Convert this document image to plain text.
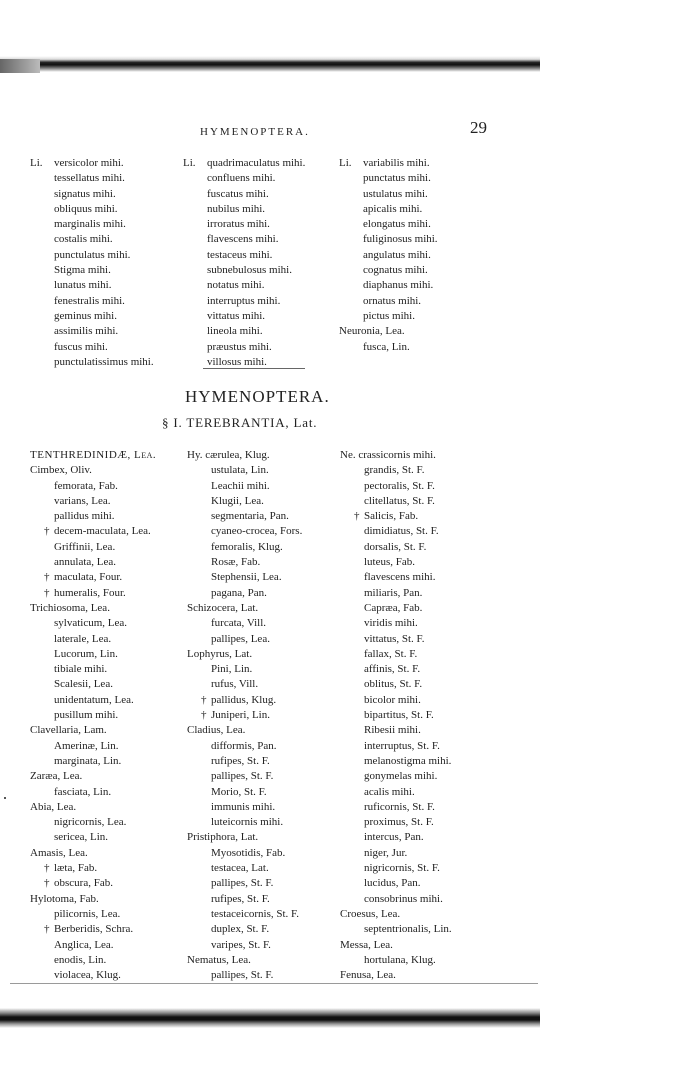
HYMENOPTERA.	29
Li. versicolor mihi.
tessellatus mihi.
signatus mihi.
obliquus mihi.
marginalis mihi.
costalis mihi.
punctulatus mihi.
Stigma mihi.
lunatus mihi.
fenestralis mihi.
geminus mihi.
assimilis mihi.
fuscus mihi.
punctulatissimus mihi.
Li. quadrimaculatus mihi.
confluens mihi.
fuscatus mihi.
nubilus mihi.
irroratus mihi.
flavescens mihi.
testaceus mihi.
subnebulosus mihi.
notatus mihi.
interruptus mihi.
vittatus mihi.
lineola mihi.
præustus mihi.
villosus mihi.
Li. variabilis mihi.
punctatus mihi.
ustulatus mihi.
apicalis mihi.
elongatus mihi.
fuliginosus mihi.
angulatus mihi.
cognatus mihi.
diaphanus mihi.
ornatus mihi.
pictus mihi.
Neuronia, Lea.
fusca, Lin.
HYMENOPTERA.
§ I. TEREBRANTIA, Lat.
TENTHREDINIDÆ, Lea.
Cimbex, Oliv.
femorata, Fab.
varians, Lea.
pallidus mihi.
† decem-maculata, Lea.
Griffinii, Lea.
annulata, Lea.
† maculata, Four.
† humeralis, Four.
Trichiosoma, Lea.
sylvaticum, Lea.
laterale, Lea.
Lucorum, Lin.
tibiale mihi.
Scalesii, Lea.
unidentatum, Lea.
pusillum mihi.
Clavellaria, Lam.
Amerinæ, Lin.
marginata, Lin.
Zaræa, Lea.
fasciata, Lin.
Abia, Lea.
nigricornis, Lea.
sericea, Lin.
Amasis, Lea.
† læta, Fab.
† obscura, Fab.
Hylotoma, Fab.
pilicornis, Lea.
† Berberidis, Schra.
Anglica, Lea.
enodis, Lin.
violacea, Klug.
Hy. cærulea, Klug.
ustulata, Lin.
Leachii mihi.
Klugii, Lea.
segmentaria, Pan.
cyaneo-crocea, Fors.
femoralis, Klug.
Rosæ, Fab.
Stephensii, Lea.
pagana, Pan.
Schizocera, Lat.
furcata, Vill.
pallipes, Lea.
Lophyrus, Lat.
Pini, Lin.
rufus, Vill.
† pallidus, Klug.
† Juniperi, Lin.
Cladius, Lea.
difformis, Pan.
rufipes, St. F.
pallipes, St. F.
Morio, St. F.
immunis mihi.
luteicornis mihi.
Pristiphora, Lat.
Myosotidis, Fab.
testacea, Lat.
pallipes, St. F.
rufipes, St. F.
testaceicornis, St. F.
duplex, St. F.
varipes, St. F.
Nematus, Lea.
pallipes, St. F.
Ne. crassicornis mihi.
grandis, St. F.
pectoralis, St. F.
clitellatus, St. F.
† Salicis, Fab.
dimidiatus, St. F.
dorsalis, St. F.
luteus, Fab.
flavescens mihi.
miliaris, Pan.
Capræa, Fab.
viridis mihi.
vittatus, St. F.
fallax, St. F.
affinis, St. F.
oblitus, St. F.
bicolor mihi.
bipartitus, St. F.
Ribesii mihi.
interruptus, St. F.
melanostigma mihi.
gonymelas mihi.
acalis mihi.
ruficornis, St. F.
proximus, St. F.
intercus, Pan.
niger, Jur.
nigricornis, St. F.
lucidus, Pan.
consobrinus mihi.
Croesus, Lea.
septentrionalis, Lin.
Messa, Lea.
hortulana, Klug.
Fenusa, Lea.
